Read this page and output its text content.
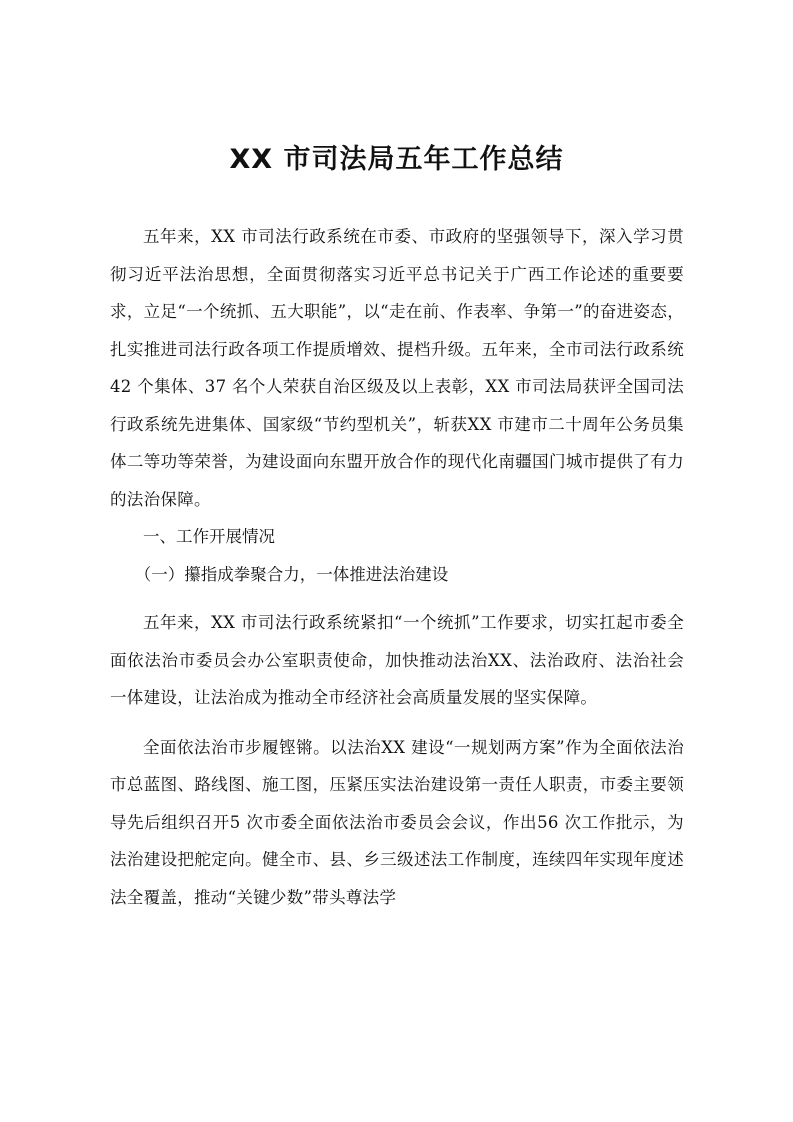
XX 市司法局五年工作总结

五年来，XX 市司法行政系统在市委、市政府的坚强领导下，深入学习贯彻习近平法治思想，全面贯彻落实习近平总书记关于广西工作论述的重要要求，立足“一个统抓、五大职能”，以“走在前、作表率、争第一”的奋进姿态，扎实推进司法行政各项工作提质增效、提档升级。五年来，全市司法行政系统42 个集体、37 名个人荣获自治区级及以上表彰，XX 市司法局获评全国司法行政系统先进集体、国家级“节约型机关”，斩获XX 市建市二十周年公务员集体二等功等荣誉，为建设面向东盟开放合作的现代化南疆国门城市提供了有力的法治保障。

一、工作开展情况

（一）攥指成拳聚合力，一体推进法治建设

五年来，XX 市司法行政系统紧扣“一个统抓”工作要求，切实扛起市委全面依法治市委员会办公室职责使命，加快推动法治XX、法治政府、法治社会一体建设，让法治成为推动全市经济社会高质量发展的坚实保障。

全面依法治市步履铿锵。以法治XX 建设“一规划两方案”作为全面依法治市总蓝图、路线图、施工图，压紧压实法治建设第一责任人职责，市委主要领导先后组织召开5 次市委全面依法治市委员会会议，作出56 次工作批示，为法治建设把舵定向。健全市、县、乡三级述法工作制度，连续四年实现年度述法全覆盖，推动“关键少数”带头尊法学
